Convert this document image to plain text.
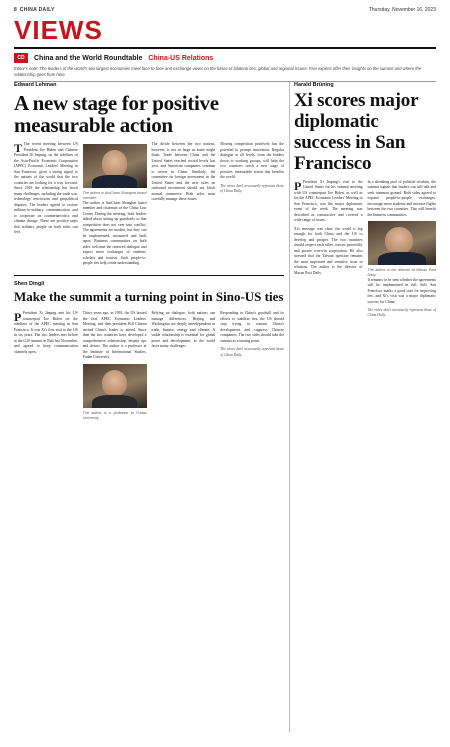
8 CHINA DAILY	Thursday, November 16, 2023
VIEWS
CD	China and the World Roundtable China-US Relations
Editor's note: The leaders of the world's two largest economies meet face-to-face and exchange views on the future of bilateral ties, global and regional issues. Five experts offer their insights on the summit and where the relationship goes from here.
Edward Lehman
A new stage for positive measurable action

T The recent meeting between US President Joe Biden and Chinese President Xi Jinping, on the sidelines of the Asia-Pacific Economic Cooperation (APEC) Economic Leaders' Meeting in San Francisco, gives a strong signal to the nations of the world that the two countries are looking for a way forward. Since 2018 the relationship has faced many challenges, including the trade war, technology restrictions and geopolitical disputes. The leaders agreed to restore military-to-military communication and to cooperate on counternarcotics and climate change. These are positive steps that ordinary people on both sides can feel.

The author is AmCham Shanghai board member.

The author is AmCham Shanghai board member and chairman of the China Law Center. During the meeting, both leaders talked about setting up guardrails so that competition does not veer into conflict. The agreements are modest, but they can be implemented, measured and built upon. Business communities on both sides welcome the renewed dialogue and expect more exchanges of students, scholars and tourists. Such people-to-people ties help create understanding.

The divide between the two nations, however, is not so large as some might think. Trade between China and the United States reached record levels last year, and American companies continue to invest in China. Similarly, the committee on foreign investment in the United States and the new rules on outbound investment should not block normal commerce. Both sides must carefully manage these issues.

Moving competition positively has the potential to prompt innovation. Regular dialogue at all levels, from the leaders down to working groups, will help the two countries reach a new stage of positive, measurable action that benefits the world.

The views don't necessarily represent those of China Daily.
Shen Dingli
Make the summit a turning point in Sino-US ties

P President Xi Jinping met his US counterpart Joe Biden on the sidelines of the APEC meeting in San Francisco. It was Xi's first visit to the US in six years. The two leaders met before at the G20 summit in Bali last November, and agreed to keep communication channels open.

Thirty years ago, in 1993, the US hosted the first APEC Economic Leaders' Meeting, and then president Bill Clinton invited China's leader to attend. Since then the two countries have developed a comprehensive relationship, despite ups and downs. The author is a professor at the Institute of International Studies, Fudan University.

The author is a professor at Fudan University.

Relying on dialogue, both nations can manage differences. Beijing and Washington are deeply interdependent in trade, finance, energy and climate. A stable relationship is essential for global peace and development, as the world faces many challenges.

Responding to China's goodwill and its efforts to stabilize ties, the US should stop trying to contain China's development and suppress Chinese companies. The two sides should take the summit as a turning point.

The views don't necessarily represent those of China Daily.
Harald Brüning
Xi scores major diplomatic success in San Francisco

P President Xi Jinping's visit to the United States for his summit meeting with US counterpart Joe Biden, as well as for the APEC Economic Leaders' Meeting in San Francisco, was the major diplomatic event of the week. The meeting was described as constructive and covered a wide range of issues.

Xi's message was clear: the world is big enough for both China and the US to develop and prosper. The two countries should respect each other, coexist peacefully and pursue win-win cooperation. He also stressed that the Taiwan question remains the most important and sensitive issue in relations. The author is the director of Macau Post Daily.

In a shrinking pool of political rivalries, the summit signals that leaders can still talk and seek common ground. Both sides agreed to expand people-to-people exchanges, encourage more students and increase flights between the two countries. This will benefit the business communities.

The author is the director of Macau Post Daily.

It remains to be seen whether the agreements will be implemented in full. Still, San Francisco marks a good start for improving ties, and Xi's visit was a major diplomatic success for China.

The views don't necessarily represent those of China Daily.
